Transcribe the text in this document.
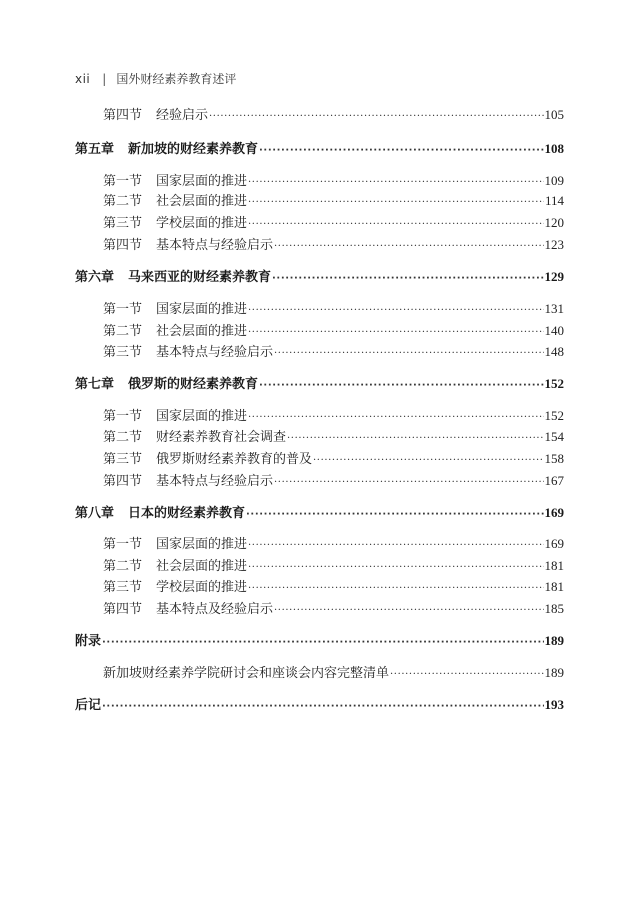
xii | 国外财经素养教育述评
第四节 经验启示 ·····	105
第五章 新加坡的财经素养教育 ·····	108
第一节 国家层面的推进 ·····	109
第二节 社会层面的推进 ·····	114
第三节 学校层面的推进 ·····	120
第四节 基本特点与经验启示 ·····	123
第六章 马来西亚的财经素养教育 ·····	129
第一节 国家层面的推进 ·····	131
第二节 社会层面的推进 ·····	140
第三节 基本特点与经验启示 ·····	148
第七章 俄罗斯的财经素养教育 ·····	152
第一节 国家层面的推进 ·····	152
第二节 财经素养教育社会调查 ·····	154
第三节 俄罗斯财经素养教育的普及 ·····	158
第四节 基本特点与经验启示 ·····	167
第八章 日本的财经素养教育 ·····	169
第一节 国家层面的推进 ·····	169
第二节 社会层面的推进 ·····	181
第三节 学校层面的推进 ·····	181
第四节 基本特点及经验启示 ·····	185
附录 ·····	189
新加坡财经素养学院研讨会和座谈会内容完整清单 ·····	189
后记 ·····	193
